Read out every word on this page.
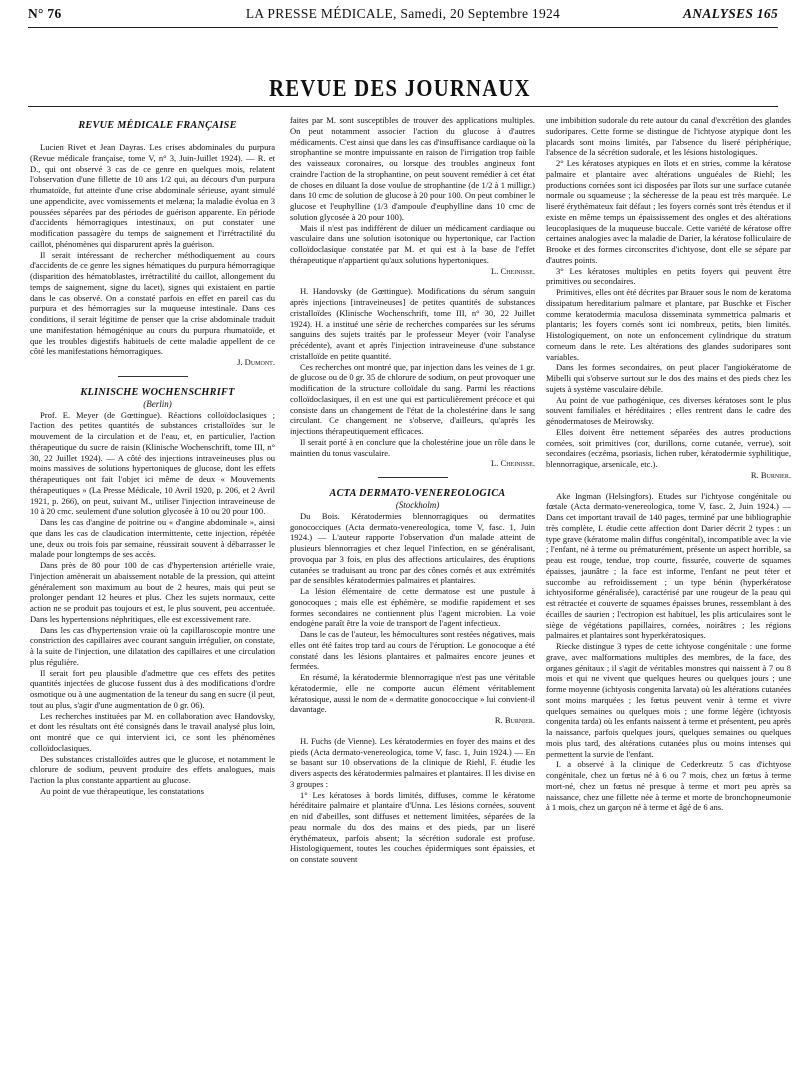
N° 76	LA PRESSE MÉDICALE, Samedi, 20 Septembre 1924	ANALYSES 165
REVUE DES JOURNAUX

REVUE MÉDICALE FRANÇAISE

Lucien Rivet et Jean Dayras. Les crises abdominales du purpura (Revue médicale française, tome V, n° 3, Juin-Juillet 1924). — R. et D., qui ont observé 3 cas de ce genre en quelques mois, relatent l'observation d'une fillette de 10 ans 1/2 qui, au décours d'un purpura rhumatoïde, fut atteinte d'une crise abdominale sérieuse, ayant simulé une appendicite, avec vomissements et melæna; la maladie évolua en 3 poussées séparées par des périodes de guérison apparente. En période d'accidents hémorragiques intestinaux, on put constater une modification passagère du temps de saignement et l'irrétractilité du caillot, phénomènes qui disparurent après la guérison.

Il serait intéressant de rechercher méthodiquement au cours d'accidents de ce genre les signes hématiques du purpura hémorragique (disparition des hématoblastes, irrétractilité du caillot, allongement du temps de saignement, signe du lacet), signes qui existaient en partie dans le cas observé. On a constaté parfois en effet en pareil cas du purpura et des hémorragies sur la muqueuse intestinale. Dans ces conditions, il serait légitime de penser que la crise abdominale traduit une manifestation hémogénique au cours du purpura rhumatoïde, et que les troubles digestifs habituels de cette maladie appellent de ce côté les manifestations hémorragiques.

J. Dumont.

KLINISCHE WOCHENSCHRIFT

(Berlin)

Prof. E. Meyer (de Gœttingue). Réactions colloïdoclasiques ; l'action des petites quantités de substances cristalloïdes sur le mouvement de la circulation et de l'eau, et, en particulier, l'action thérapeutique du sucre de raisin (Klinische Wochenschrift, tome III, n° 30, 22 Juillet 1924). — A côté des injections intraveineuses plus ou moins massives de solutions hypertoniques de glucose, dont les effets thérapeutiques ont fait l'objet ici même de deux « Mouvements thérapeutiques » (La Presse Médicale, 10 Avril 1920, p. 206, et 2 Avril 1921, p. 266), on peut, suivant M., utiliser l'injection intraveineuse de 10 à 20 cmc. seulement d'une solution glycosée à 10 ou 20 pour 100.

Dans les cas d'angine de poitrine ou « d'angine abdominale », ainsi que dans les cas de claudication intermittente, cette injection, répétée une, deux ou trois fois par semaine, réussirait souvent à débarrasser le malade pour longtemps de ses accès.

Dans près de 80 pour 100 de cas d'hypertension artérielle vraie, l'injection amènerait un abaissement notable de la pression, qui atteint généralement son maximum au bout de 2 heures, mais qui peut se prolonger pendant 12 heures et plus. Chez les sujets normaux, cette action ne se produit pas toujours et est, le plus souvent, peu accentuée. Dans les hypertensions néphritiques, elle est excessivement rare.

Dans les cas d'hypertension vraie où la capillaroscopie montre une constriction des capillaires avec courant sanguin irrégulier, on constate, à la suite de l'injection, une dilatation des capillaires et une circulation plus régulière.

Il serait fort peu plausible d'admettre que ces effets des petites quantités injectées de glucose fussent dus à des modifications d'ordre osmotique ou à une augmentation de la teneur du sang en sucre (il peut, tout au plus, s'agir d'une augmentation de 0 gr. 06).

Les recherches instituées par M. en collaboration avec Handovsky, et dont les résultats ont été consignés dans le travail analysé plus loin, ont montré que ce qui intervient ici, ce sont les phénomènes colloïdoclasiques.

Des substances cristalloïdes autres que le glucose, et notamment le chlorure de sodium, peuvent produire des effets analogues, mais l'action la plus constante appartient au glucose.

Au point de vue thérapeutique, les constatations

faites par M. sont susceptibles de trouver des applications multiples. On peut notamment associer l'action du glucose à d'autres médicaments. C'est ainsi que dans les cas d'insuffisance cardiaque où la strophantine se montre impuissante en raison de l'irrigation trop faible des vaisseaux coronaires, ou lorsque des troubles angineux font craindre l'action de la strophantine, on peut souvent remédier à cet état de choses en diluant la dose voulue de strophantine (de 1/2 à 1 milligr.) dans 10 cmc de solution de glucose à 20 pour 100. On peut combiner le glucose et l'euphylline (1/3 d'ampoule d'euphylline dans 10 cmc de solution glycosée à 20 pour 100).

Mais il n'est pas indifférent de diluer un médicament cardiaque ou vasculaire dans une solution isotonique ou hypertonique, car l'action colloïdoclasique constatée par M. et qui est à la base de l'effet thérapeutique n'appartient qu'aux solutions hypertoniques.

L. Cheinisse.

H. Handovsky (de Gœttingue). Modifications du sérum sanguin après injections [intraveineuses] de petites quantités de substances cristalloïdes (Klinische Wochenschrift, tome III, n° 30, 22 Juillet 1924). H. a institué une série de recherches comparées sur les sérums sanguins des sujets traités par le professeur Meyer (voir l'analyse précédente), avant et après l'injection intraveineuse d'une substance cristalloïde en petite quantité.

Ces recherches ont montré que, par injection dans les veines de 1 gr. de glucose ou de 0 gr. 35 de chlorure de sodium, on peut provoquer une modification de la structure colloïdale du sang. Parmi les réactions colloïdoclasiques, il en est une qui est particulièrement précoce et qui consiste dans un changement de l'état de la cholestérine dans le sang circulant. Ce changement ne s'observe, d'ailleurs, qu'après les injections thérapeutiquement efficaces.

Il serait porté à en conclure que la cholestérine joue un rôle dans le maintien du tonus vasculaire.

L. Cheinisse.

ACTA DERMATO-VENEREOLOGICA

(Stockholm)

Du Bois. Kératodermies blennorragiques ou dermatites gonococciques (Acta dermato-venereologica, tome V, fasc. 1, Juin 1924.) — L'auteur rapporte l'observation d'un malade atteint de plusieurs blennorragies et chez lequel l'infection, en se généralisant, provoqua par 3 fois, en plus des affections articulaires, des éruptions cutanées se traduisant au tronc par des cônes cornés et aux extrémités par de sensibles kératodermies palmaires et plantaires.

La lésion élémentaire de cette dermatose est une pustule à gonocoques ; mais elle est éphémère, se modifie rapidement et ses formes secondaires ne contiennent plus l'agent microbien. La voie endogène paraît être la voie de transport de l'agent infectieux.

Dans le cas de l'auteur, les hémocultures sont restées négatives, mais elles ont été faites trop tard au cours de l'éruption. Le gonocoque a été constaté dans les lésions plantaires et palmaires encore jeunes et fermées.

En résumé, la kératodermie blennorragique n'est pas une véritable kératodermie, elle ne comporte aucun élément véritablement kératosique, aussi le nom de « dermatite gonococcique » lui convient-il davantage.

R. Burnier.

H. Fuchs (de Vienne). Les kératodermies en foyer des mains et des pieds (Acta dermato-venereologica, tome V, fasc. 1, Juin 1924.) — En se basant sur 10 observations de la clinique de Riehl, F. étudie les divers aspects des kératodermies palmaires et plantaires. Il les divise en 3 groupes :

1° Les kératoses à bords limités, diffuses, comme le kératome héréditaire palmaire et plantaire d'Unna. Les lésions cornées, souvent en nid d'abeilles, sont diffuses et nettement limitées, séparées de la peau normale du dos des mains et des pieds, par un liseré érythémateux, parfois absent; la sécrétion sudorale est profuse. Histologiquement, toutes les couches épidermiques sont épaissies, et on constate souvent

une imbibition sudorale du rete autour du canal d'excrétion des glandes sudoripares. Cette forme se distingue de l'ichtyose atypique dont les placards sont moins limités, par l'absence du liseré périphérique, l'absence de la sécrétion sudorale, et les lésions histologiques.

2° Les kératoses atypiques en îlots et en stries, comme la kératose palmaire et plantaire avec altérations unguéales de Riehl; les productions cornées sont ici disposées par îlots sur une surface cutanée normale ou squameuse ; la sécheresse de la peau est très marquée. Le liseré érythémateux fait défaut ; les foyers cornés sont très étendus et il existe en même temps un épaississement des ongles et des altérations leucoplasiques de la muqueuse buccale. Cette variété de kératose offre certaines analogies avec la maladie de Darier, la kératose folliculaire de Brooke et des formes circonscrites d'ichtyose, dont elle se sépare par d'autres points.

3° Les kératoses multiples en petits foyers qui peuvent être primitives ou secondaires.

Primitives, elles ont été décrites par Brauer sous le nom de keratoma dissipatum hereditarium palmare et plantare, par Buschke et Fischer comme keratodermia maculosa disseminata symmetrica palmaris et plantaris; les foyers cornés sont ici nombreux, petits, bien limités. Histologiquement, on note un enfoncement cylindrique du stratum corneum dans le rete. Les altérations des glandes sudoripares sont variables.

Dans les formes secondaires, on peut placer l'angiokératome de Mibelli qui s'observe surtout sur le dos des mains et des pieds chez les sujets à système vasculaire débile.

Au point de vue pathogénique, ces diverses kératoses sont le plus souvent familiales et héréditaires ; elles rentrent dans le cadre des génodermatoses de Meirowsky.

Elles doivent être nettement séparées des autres productions cornées, soit primitives (cor, durillons, corne cutanée, verrue), soit secondaires (eczéma, psoriasis, lichen ruber, kératodermie syphilitique, blennorragique, arsenicale, etc.).

R. Burnier.

Ake Ingman (Helsingfors). Etudes sur l'ichtyose congénitale ou fœtale (Acta dermato-venereologica, tome V, fasc. 2, Juin 1924.) — Dans cet important travail de 140 pages, terminé par une bibliographie très complète, I. étudie cette affection dont Darier décrit 2 types : un type grave (kératome malin diffus congénital), incompatible avec la vie ; l'enfant, né à terme ou prématurément, présente un aspect horrible, sa peau est rouge, tendue, trop courte, fissurée, couverte de squames épaisses, jaunâtre ; la face est informe, l'enfant ne peut téter et succombe au refroidissement ; un type bénin (hyperkératose ichtyosiforme généralisée), caractérisé par une rougeur de la peau qui est rétractée et couverte de squames épaisses brunes, ressemblant à des écailles de saurien ; l'ectropion est habituel, les plis articulaires sont le siège de végétations papillaires, cornées, noirâtres ; les régions palmaires et plantaires sont hyperkératosiques.

Riecke distingue 3 types de cette ichtyose congénitale : une forme grave, avec malformations multiples des membres, de la face, des organes génitaux ; il s'agit de véritables monstres qui naissent à 7 ou 8 mois et qui ne vivent que quelques heures ou quelques jours ; une forme moyenne (ichtyosis congenita larvata) où les altérations cutanées sont moins marquées ; les fœtus peuvent venir à terme et vivre quelques semaines ou quelques mois ; une forme légère (ichtyosis congenita tarda) où les enfants naissent à terme et présentent, peu après la naissance, parfois quelques jours, quelques semaines ou quelques mois plus tard, des altérations cutanées plus ou moins intenses qui permettent la survie de l'enfant.

I. a observé à la clinique de Cederkreutz 5 cas d'ichtyose congénitale, chez un fœtus né à 6 ou 7 mois, chez un fœtus à terme mort-né, chez un fœtus né presque à terme et mort peu après sa naissance, chez une fillette née à terme et morte de bronchopneumonie à 1 mois, chez un garçon né à terme et âgé de 6 ans.
